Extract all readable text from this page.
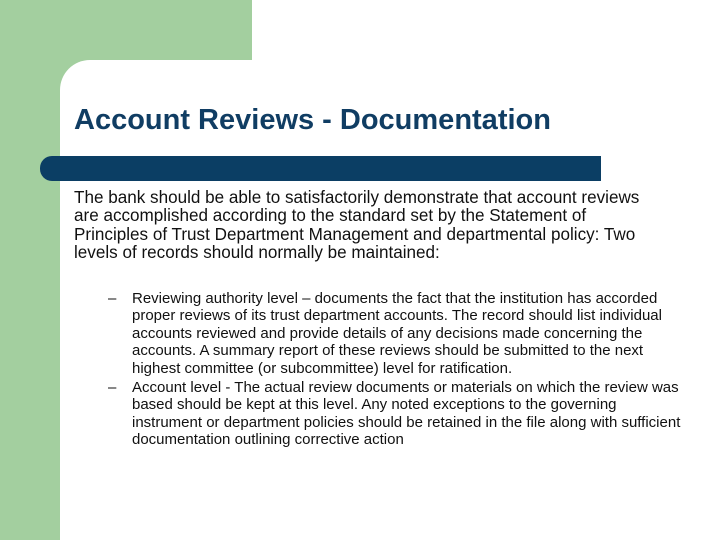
Account Reviews - Documentation

The bank should be able to satisfactorily demonstrate that account reviews are accomplished according to the standard set by the Statement of Principles of Trust Department Management and departmental policy: Two levels of records should normally be maintained:

– Reviewing authority level – documents the fact that the institution has accorded proper reviews of its trust department accounts. The record should list individual accounts reviewed and provide details of any decisions made concerning the accounts. A summary report of these reviews should be submitted to the next highest committee (or subcommittee) level for ratification.
– Account level - The actual review documents or materials on which the review was based should be kept at this level. Any noted exceptions to the governing instrument or department policies should be retained in the file along with sufficient documentation outlining corrective action
